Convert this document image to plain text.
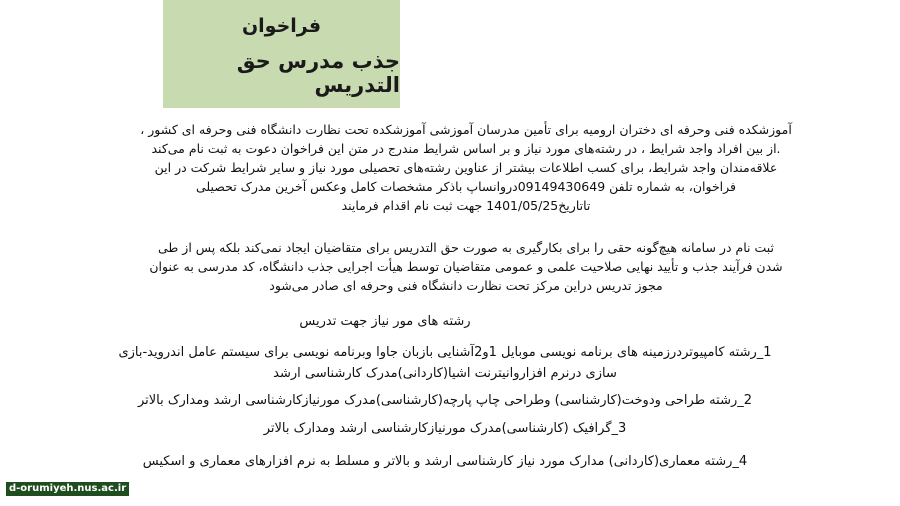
فراخوان
جذب مدرس حق التدریس
آموزشکده فنی وحرفه ای دختران ارومیه برای تأمین مدرسان آموزشی آموزشکده تحت نظارت دانشگاه فنی وحرفه ای کشور ،
.از بین افراد واجد شرایط ، در رشته‌های مورد نیاز و بر اساس شرایط مندرج در متن این فراخوان دعوت به ثبت نام می‌کند
علاقه‌مندان واجد شرایط، برای کسب اطلاعات بیشتر از عناوین رشته‌های تحصیلی مورد نیاز و سایر شرایط شرکت در این
فراخوان، به شماره تلفن 09149430649دروانساپ باذکر مشخصات کامل وعکس آخرین مدرک تحصیلی
تاتاریخ1401/05/25 جهت ثبت نام اقدام فرمایند
ثبت نام در سامانه هیچ‌گونه حقی را برای بکارگیری به صورت حق التدریس برای متقاضیان ایجاد نمی‌کند بلکه پس از طی
شدن فرآیند جذب و تأیید نهایی صلاحیت علمی و عمومی متقاضیان توسط هیأت اجرایی جذب دانشگاه، کد مدرسی به عنوان
مجوز تدریس دراین مرکز تحت نظارت دانشگاه فنی وحرفه ای صادر می‌شود
رشته های مور نیاز جهت تدریس
1_رشته کامپیوتردرزمینه های برنامه نویسی موبایل 1و2آشنایی بازبان جاوا وبرنامه نویسی برای سیستم عامل اندروید-بازی
سازی درنرم افزاروانیترنت اشیا(کاردانی)مدرک کارشناسی ارشد
2_رشته طراحی ودوخت(کارشناسی) وطراحی چاپ پارچه(کارشناسی)مدرک مورنیازکارشناسی ارشد ومدارک بالاتر
3_گرافیک (کارشناسی)مدرک مورنیازکارشناسی ارشد ومدارک بالاتر
4_رشته معماری(کاردانی) مدارک مورد نیاز کارشناسی ارشد و بالاتر و مسلط به نرم افزارهای معماری و اسکیس
d-orumiyeh.nus.ac.ir
